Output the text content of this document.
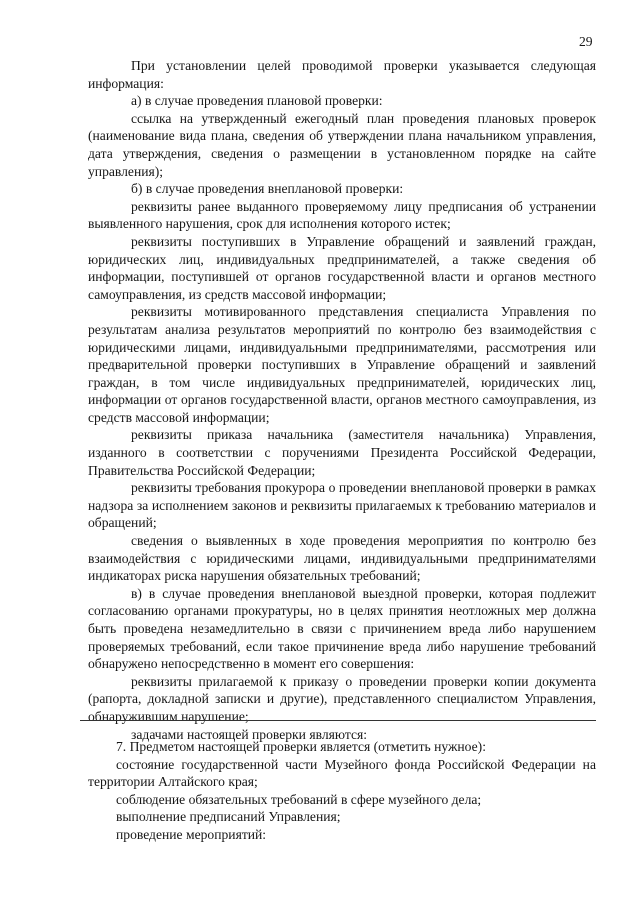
29

При установлении целей проводимой проверки указывается следующая информация:

а) в случае проведения плановой проверки:

ссылка на утвержденный ежегодный план проведения плановых проверок (наименование вида плана, сведения об утверждении плана начальником управления, дата утверждения, сведения о размещении в установленном порядке на сайте управления);

б) в случае проведения внеплановой проверки:

реквизиты ранее выданного проверяемому лицу предписания об устранении выявленного нарушения, срок для исполнения которого истек;

реквизиты поступивших в Управление обращений и заявлений граждан, юридических лиц, индивидуальных предпринимателей, а также сведения об информации, поступившей от органов государственной власти и органов местного самоуправления, из средств массовой информации;

реквизиты мотивированного представления специалиста Управления по результатам анализа результатов мероприятий по контролю без взаимодействия с юридическими лицами, индивидуальными предпринимателями, рассмотрения или предварительной проверки поступивших в Управление обращений и заявлений граждан, в том числе индивидуальных предпринимателей, юридических лиц, информации от органов государственной власти, органов местного самоуправления, из средств массовой информации;

реквизиты приказа начальника (заместителя начальника) Управления, изданного в соответствии с поручениями Президента Российской Федерации, Правительства Российской Федерации;

реквизиты требования прокурора о проведении внеплановой проверки в рамках надзора за исполнением законов и реквизиты прилагаемых к требованию материалов и обращений;

сведения о выявленных в ходе проведения мероприятия по контролю без взаимодействия с юридическими лицами, индивидуальными предпринимателями индикаторах риска нарушения обязательных требований;

в) в случае проведения внеплановой выездной проверки, которая подлежит согласованию органами прокуратуры, но в целях принятия неотложных мер должна быть проведена незамедлительно в связи с причинением вреда либо нарушением проверяемых требований, если такое причинение вреда либо нарушение требований обнаружено непосредственно в момент его совершения:

реквизиты прилагаемой к приказу о проведении проверки копии документа (рапорта, докладной записки и другие), представленного специалистом Управления, обнаружившим нарушение;

задачами настоящей проверки являются:

7. Предметом настоящей проверки является (отметить нужное):

состояние государственной части Музейного фонда Российской Федерации на территории Алтайского края;

соблюдение обязательных требований в сфере музейного дела;

выполнение предписаний Управления;

проведение мероприятий:
